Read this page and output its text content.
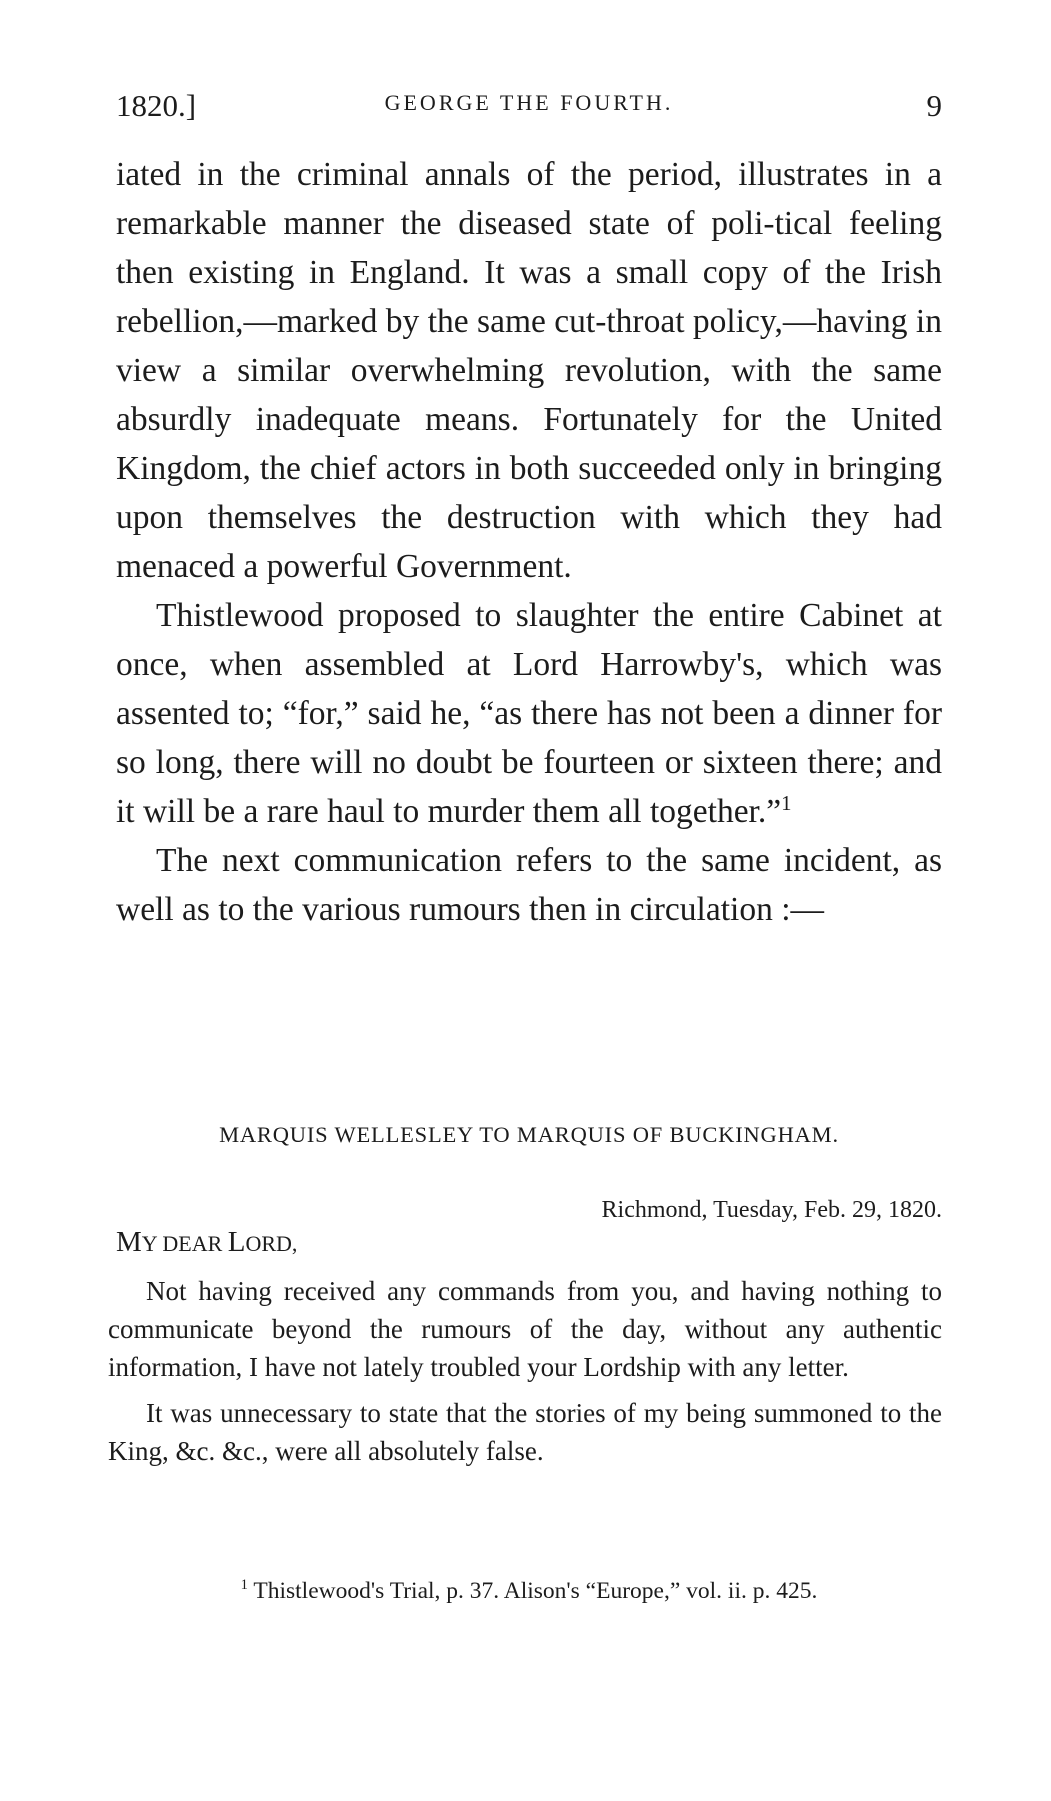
1820.]	GEORGE THE FOURTH.	9

iated in the criminal annals of the period, illustrates in a remarkable manner the diseased state of poli-tical feeling then existing in England. It was a small copy of the Irish rebellion,—marked by the same cut-throat policy,—having in view a similar overwhelming revolution, with the same absurdly inadequate means. Fortunately for the United Kingdom, the chief actors in both succeeded only in bringing upon themselves the destruction with which they had menaced a powerful Government.

Thistlewood proposed to slaughter the entire Cabinet at once, when assembled at Lord Harrowby's, which was assented to; “for,” said he, “as there has not been a dinner for so long, there will no doubt be fourteen or sixteen there; and it will be a rare haul to murder them all together.”$^1$

The next communication refers to the same incident, as well as to the various rumours then in circulation :—

MARQUIS WELLESLEY TO MARQUIS OF BUCKINGHAM.
Richmond, Tuesday, Feb. 29, 1820.
MY DEAR LORD,

Not having received any commands from you, and having nothing to communicate beyond the rumours of the day, without any authentic information, I have not lately troubled your Lordship with any letter.

It was unnecessary to state that the stories of my being summoned to the King, &c. &c., were all absolutely false.

$^1$ Thistlewood's Trial, p. 37. Alison's “Europe,” vol. ii. p. 425.
